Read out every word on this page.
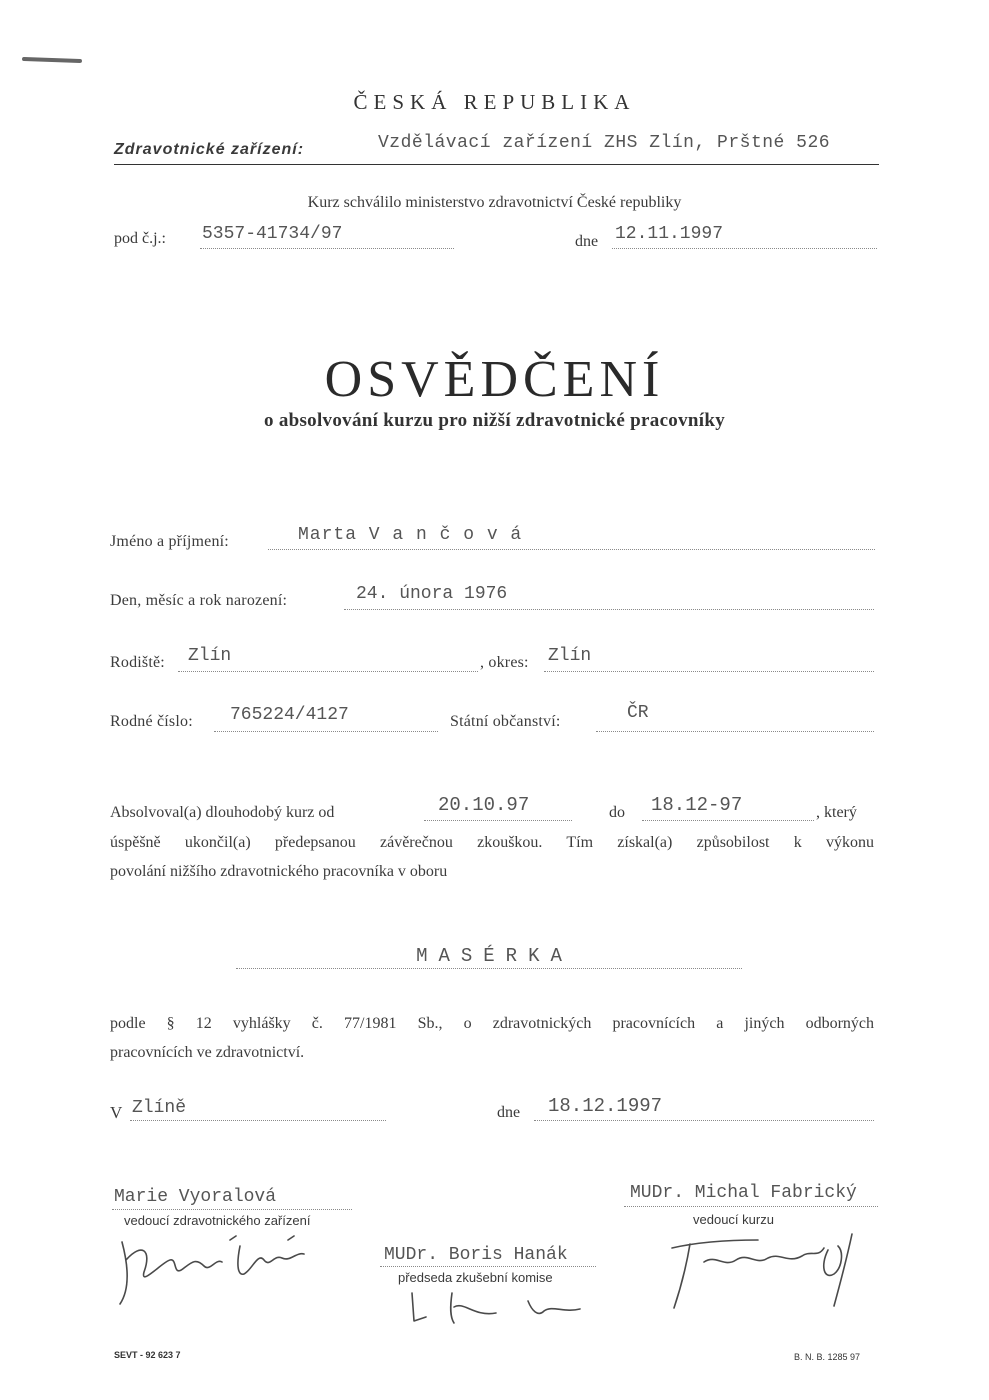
ČESKÁ REPUBLIKA
Zdravotnické zařízení:	Vzdělávací zařízení ZHS Zlín, Prštné 526
Kurz schválilo ministerstvo zdravotnictví České republiky
pod č.j.: 5357-41734/97	dne 12.11.1997
OSVĚDČENÍ
o absolvování kurzu pro nižší zdravotnické pracovníky
Jméno a příjmení:	Marta V a n č o v á
Den, měsíc a rok narození:	24. února 1976
Rodiště: Zlín	, okres: Zlín
Rodné číslo: 765224/4127	Státní občanství:	ČR
Absolvoval(a) dlouhodobý kurz od	20.10.97	do 18.12-97	, který
úspěšně ukončil(a) předepsanou závěrečnou zkouškou. Tím získal(a) způsobilost k výkonu
povolání nižšího zdravotnického pracovníka v oboru
MASÉRKA
podle § 12 vyhlášky č. 77/1981 Sb., o zdravotnických pracovnících a jiných odborných
pracovnících ve zdravotnictví.
V Zlíně	dne 18.12.1997
Marie Vyoralová
vedoucí zdravotnického zařízení
MUDr. Boris Hanák
předseda zkušební komise
MUDr. Michal Fabrický
vedoucí kurzu
SEVT - 92 623 7	B. N. B. 1285 97
